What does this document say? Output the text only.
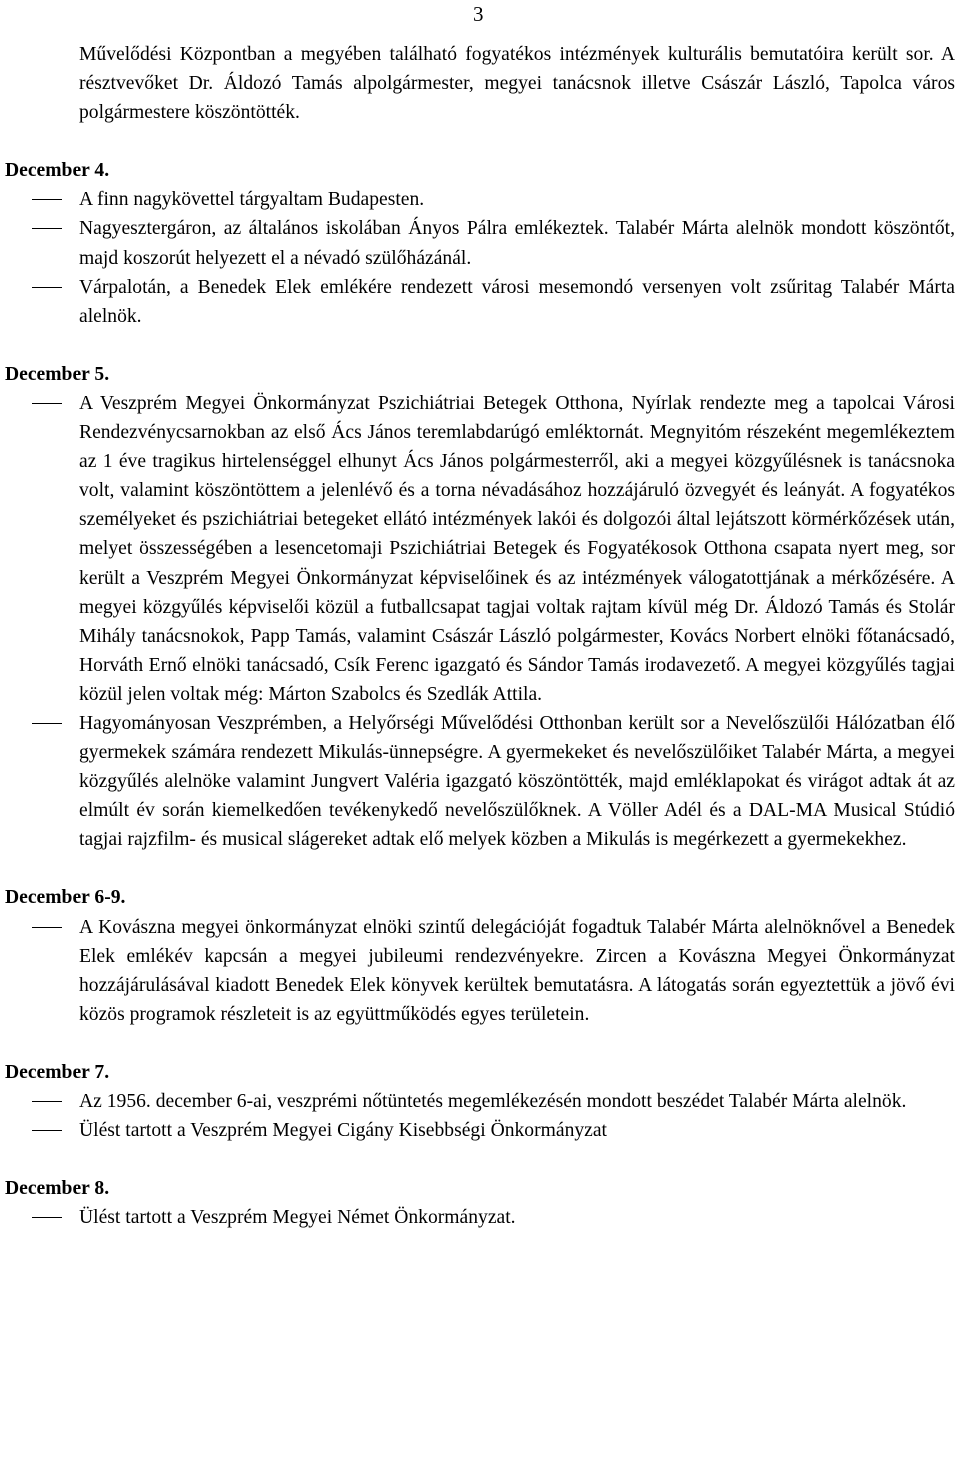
3

Művelődési Központban a megyében található fogyatékos intézmények kulturális bemutatóira került sor. A résztvevőket Dr. Áldozó Tamás alpolgármester, megyei tanácsnok illetve Császár László, Tapolca város polgármestere köszöntötték.

December 4.

A finn nagykövettel tárgyaltam Budapesten.

Nagyesztergáron, az általános iskolában Ányos Pálra emlékeztek. Talabér Márta alelnök mondott köszöntőt, majd koszorút helyezett el a névadó szülőházánál.

Várpalotán, a Benedek Elek emlékére rendezett városi mesemondó versenyen volt zsűritag Talabér Márta alelnök.

December 5.

A Veszprém Megyei Önkormányzat Pszichiátriai Betegek Otthona, Nyírlak rendezte meg a tapolcai Városi Rendezvénycsarnokban az első Ács János teremlabdarúgó emléktornát. Megnyitóm részeként megemlékeztem az 1 éve tragikus hirtelenséggel elhunyt Ács János polgármesterről, aki a megyei közgyűlésnek is tanácsnoka volt, valamint köszöntöttem a jelenlévő és a torna névadásához hozzájáruló özvegyét és leányát. A fogyatékos személyeket és pszichiátriai betegeket ellátó intézmények lakói és dolgozói által lejátszott körmérkőzések után, melyet összességében a lesencetomaji Pszichiátriai Betegek és Fogyatékosok Otthona csapata nyert meg, sor került a Veszprém Megyei Önkormányzat képviselőinek és az intézmények válogatottjának a mérkőzésére. A megyei közgyűlés képviselői közül a futballcsapat tagjai voltak rajtam kívül még Dr. Áldozó Tamás és Stolár Mihály tanácsnokok, Papp Tamás, valamint Császár László polgármester, Kovács Norbert elnöki főtanácsadó, Horváth Ernő elnöki tanácsadó, Csík Ferenc igazgató és Sándor Tamás irodavezető. A megyei közgyűlés tagjai közül jelen voltak még: Márton Szabolcs és Szedlák Attila.

Hagyományosan Veszprémben, a Helyőrségi Művelődési Otthonban került sor a Nevelőszülői Hálózatban élő gyermekek számára rendezett Mikulás-ünnepségre. A gyermekeket és nevelőszülőiket Talabér Márta, a megyei közgyűlés alelnöke valamint Jungvert Valéria igazgató köszöntötték, majd emléklapokat és virágot adtak át az elmúlt év során kiemelkedően tevékenykedő nevelőszülőknek. A Völler Adél és a DAL-MA Musical Stúdió tagjai rajzfilm- és musical slágereket adtak elő melyek közben a Mikulás is megérkezett a gyermekekhez.

December 6-9.

A Kovászna megyei önkormányzat elnöki szintű delegációját fogadtuk Talabér Márta alelnöknővel a Benedek Elek emlékév kapcsán a megyei jubileumi rendezvényekre. Zircen a Kovászna Megyei Önkormányzat hozzájárulásával kiadott Benedek Elek könyvek kerültek bemutatásra. A látogatás során egyeztettük a jövő évi közös programok részleteit is az együttműködés egyes területein.

December 7.

Az 1956. december 6-ai, veszprémi nőtüntetés megemlékezésén mondott beszédet Talabér Márta alelnök.

Ülést tartott a Veszprém Megyei Cigány Kisebbségi Önkormányzat

December 8.

Ülést tartott a Veszprém Megyei Német Önkormányzat.
